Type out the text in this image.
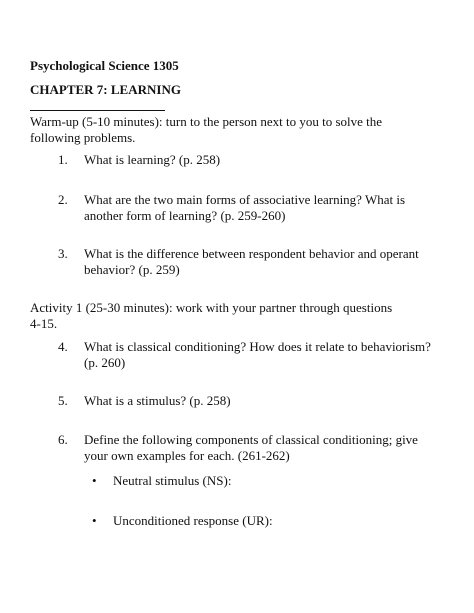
Psychological Science 1305
CHAPTER 7: LEARNING
Warm-up (5-10 minutes): turn to the person next to you to solve the
following problems.
1. What is learning? (p. 258)
2. What are the two main forms of associative learning? What is
another form of learning? (p. 259-260)
3. What is the difference between respondent behavior and operant
behavior? (p. 259)
Activity 1 (25-30 minutes): work with your partner through questions
4-15.
4. What is classical conditioning? How does it relate to behaviorism?
(p. 260)
5. What is a stimulus? (p. 258)
6. Define the following components of classical conditioning; give
your own examples for each. (261-262)
• Neutral stimulus (NS):
• Unconditioned response (UR):
